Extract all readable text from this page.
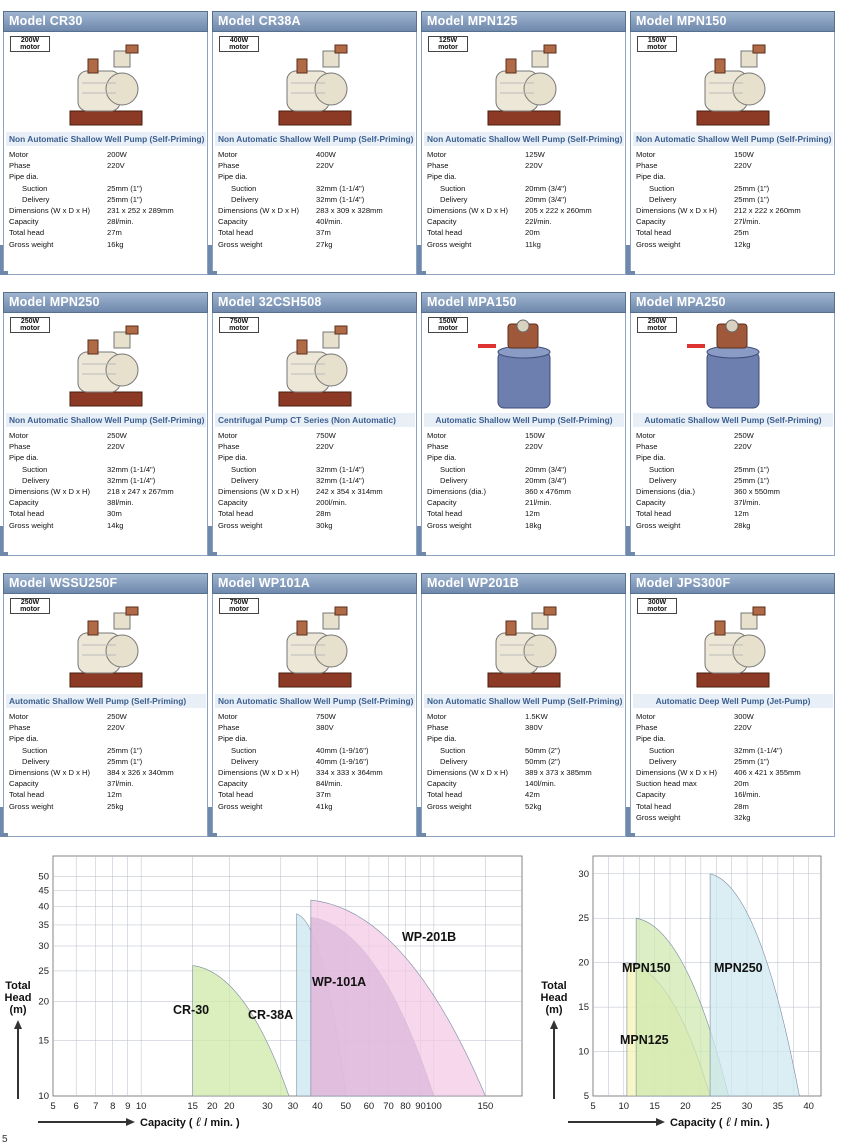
Model CR30
200W
motor
Non Automatic Shallow Well Pump (Self-Priming)
Motor	200W
Phase	220V
Pipe dia.
Suction	25mm (1")
Delivery	25mm (1")
Dimensions (W x D x H) 231 x 252 x 289mm
Capacity	28l/min.
Total head	27m
Gross weight	16kg
Model CR38A
400W
motor
Non Automatic Shallow Well Pump (Self-Priming)
Motor	400W
Phase	220V
Pipe dia.
Suction	32mm (1-1/4")
Delivery	32mm (1-1/4")
Dimensions (W x D x H) 283 x 309 x 328mm
Capacity	40l/min.
Total head	37m
Gross weight	27kg
Model MPN125
125W
motor
Non Automatic Shallow Well Pump (Self-Priming)
Motor	125W
Phase	220V
Pipe dia.
Suction	20mm (3/4")
Delivery	20mm (3/4")
Dimensions (W x D x H) 205 x 222 x 260mm
Capacity	22l/min.
Total head	20m
Gross weight	11kg
Model MPN150
150W
motor
Non Automatic Shallow Well Pump (Self-Priming)
Motor	150W
Phase	220V
Pipe dia.
Suction	25mm (1")
Delivery	25mm (1")
Dimensions (W x D x H) 212 x 222 x 260mm
Capacity	27l/min.
Total head	25m
Gross weight	12kg
Model MPN250
250W
motor
Non Automatic Shallow Well Pump (Self-Priming)
Motor	250W
Phase	220V
Pipe dia.
Suction	32mm (1-1/4")
Delivery	32mm (1-1/4")
Dimensions (W x D x H) 218 x 247 x 267mm
Capacity	38l/min.
Total head	30m
Gross weight	14kg
Model 32CSH508
750W
motor
Centrifugal Pump CT Series (Non Automatic)
Motor	750W
Phase	220V
Pipe dia.
Suction	32mm (1-1/4")
Delivery	32mm (1-1/4")
Dimensions (W x D x H) 242 x 354 x 314mm
Capacity	200l/min.
Total head	28m
Gross weight	30kg
Model MPA150
150W
motor
Automatic Shallow Well Pump (Self-Priming)
Motor	150W
Phase	220V
Pipe dia.
Suction	20mm (3/4")
Delivery	20mm (3/4")
Dimensions (dia.)	360 x 476mm
Capacity	21l/min.
Total head	12m
Gross weight	18kg
Model MPA250
250W
motor
Automatic Shallow Well Pump (Self-Priming)
Motor	250W
Phase	220V
Pipe dia.
Suction	25mm (1")
Delivery	25mm (1")
Dimensions (dia.)	360 x 550mm
Capacity	37l/min.
Total head	12m
Gross weight	28kg
Model WSSU250F
250W
motor
Automatic Shallow Well Pump (Self-Priming)
Motor	250W
Phase	220V
Pipe dia.
Suction	25mm (1")
Delivery	25mm (1")
Dimensions (W x D x H) 384 x 326 x 340mm
Capacity	37l/min.
Total head	12m
Gross weight	25kg
Model WP101A
750W
motor
Non Automatic Shallow Well Pump (Self-Priming)
Motor	750W
Phase	380V
Pipe dia.
Suction	40mm (1-9/16")
Delivery	40mm (1-9/16")
Dimensions (W x D x H) 334 x 333 x 364mm
Capacity	84l/min.
Total head	37m
Gross weight	41kg
Model WP201B
Non Automatic Shallow Well Pump (Self-Priming)
Motor	1.5KW
Phase	380V
Pipe dia.
Suction	50mm (2")
Delivery	50mm (2")
Dimensions (W x D x H) 389 x 373 x 385mm
Capacity	140l/min.
Total head	42m
Gross weight	52kg
Model JPS300F
300W
motor
Automatic Deep Well Pump (Jet-Pump)
Motor	300W
Phase	220V
Pipe dia.
Suction	32mm (1-1/4")
Delivery	25mm (1")
Dimensions (W x D x H) 406 x 421 x 355mm
Suction head max	20m
Capacity	16l/min.
Total head	28m
Gross weight	32kg
5 6 7 8 9 10	15 20 20	30 30 40 50 60 70 80 90 100	150
10
15
20
25
30
35
40
45
50
CR-30	CR-38A
WP-101A
WP-201B
Total
Head
(m)
Capacity ( ℓ / min. )
5 10 15 20 25 30 35 40
5
10
15
20
25
30
MPN125
MPN150	MPN250
Total
Head
(m)
Capacity ( ℓ / min. )
5
